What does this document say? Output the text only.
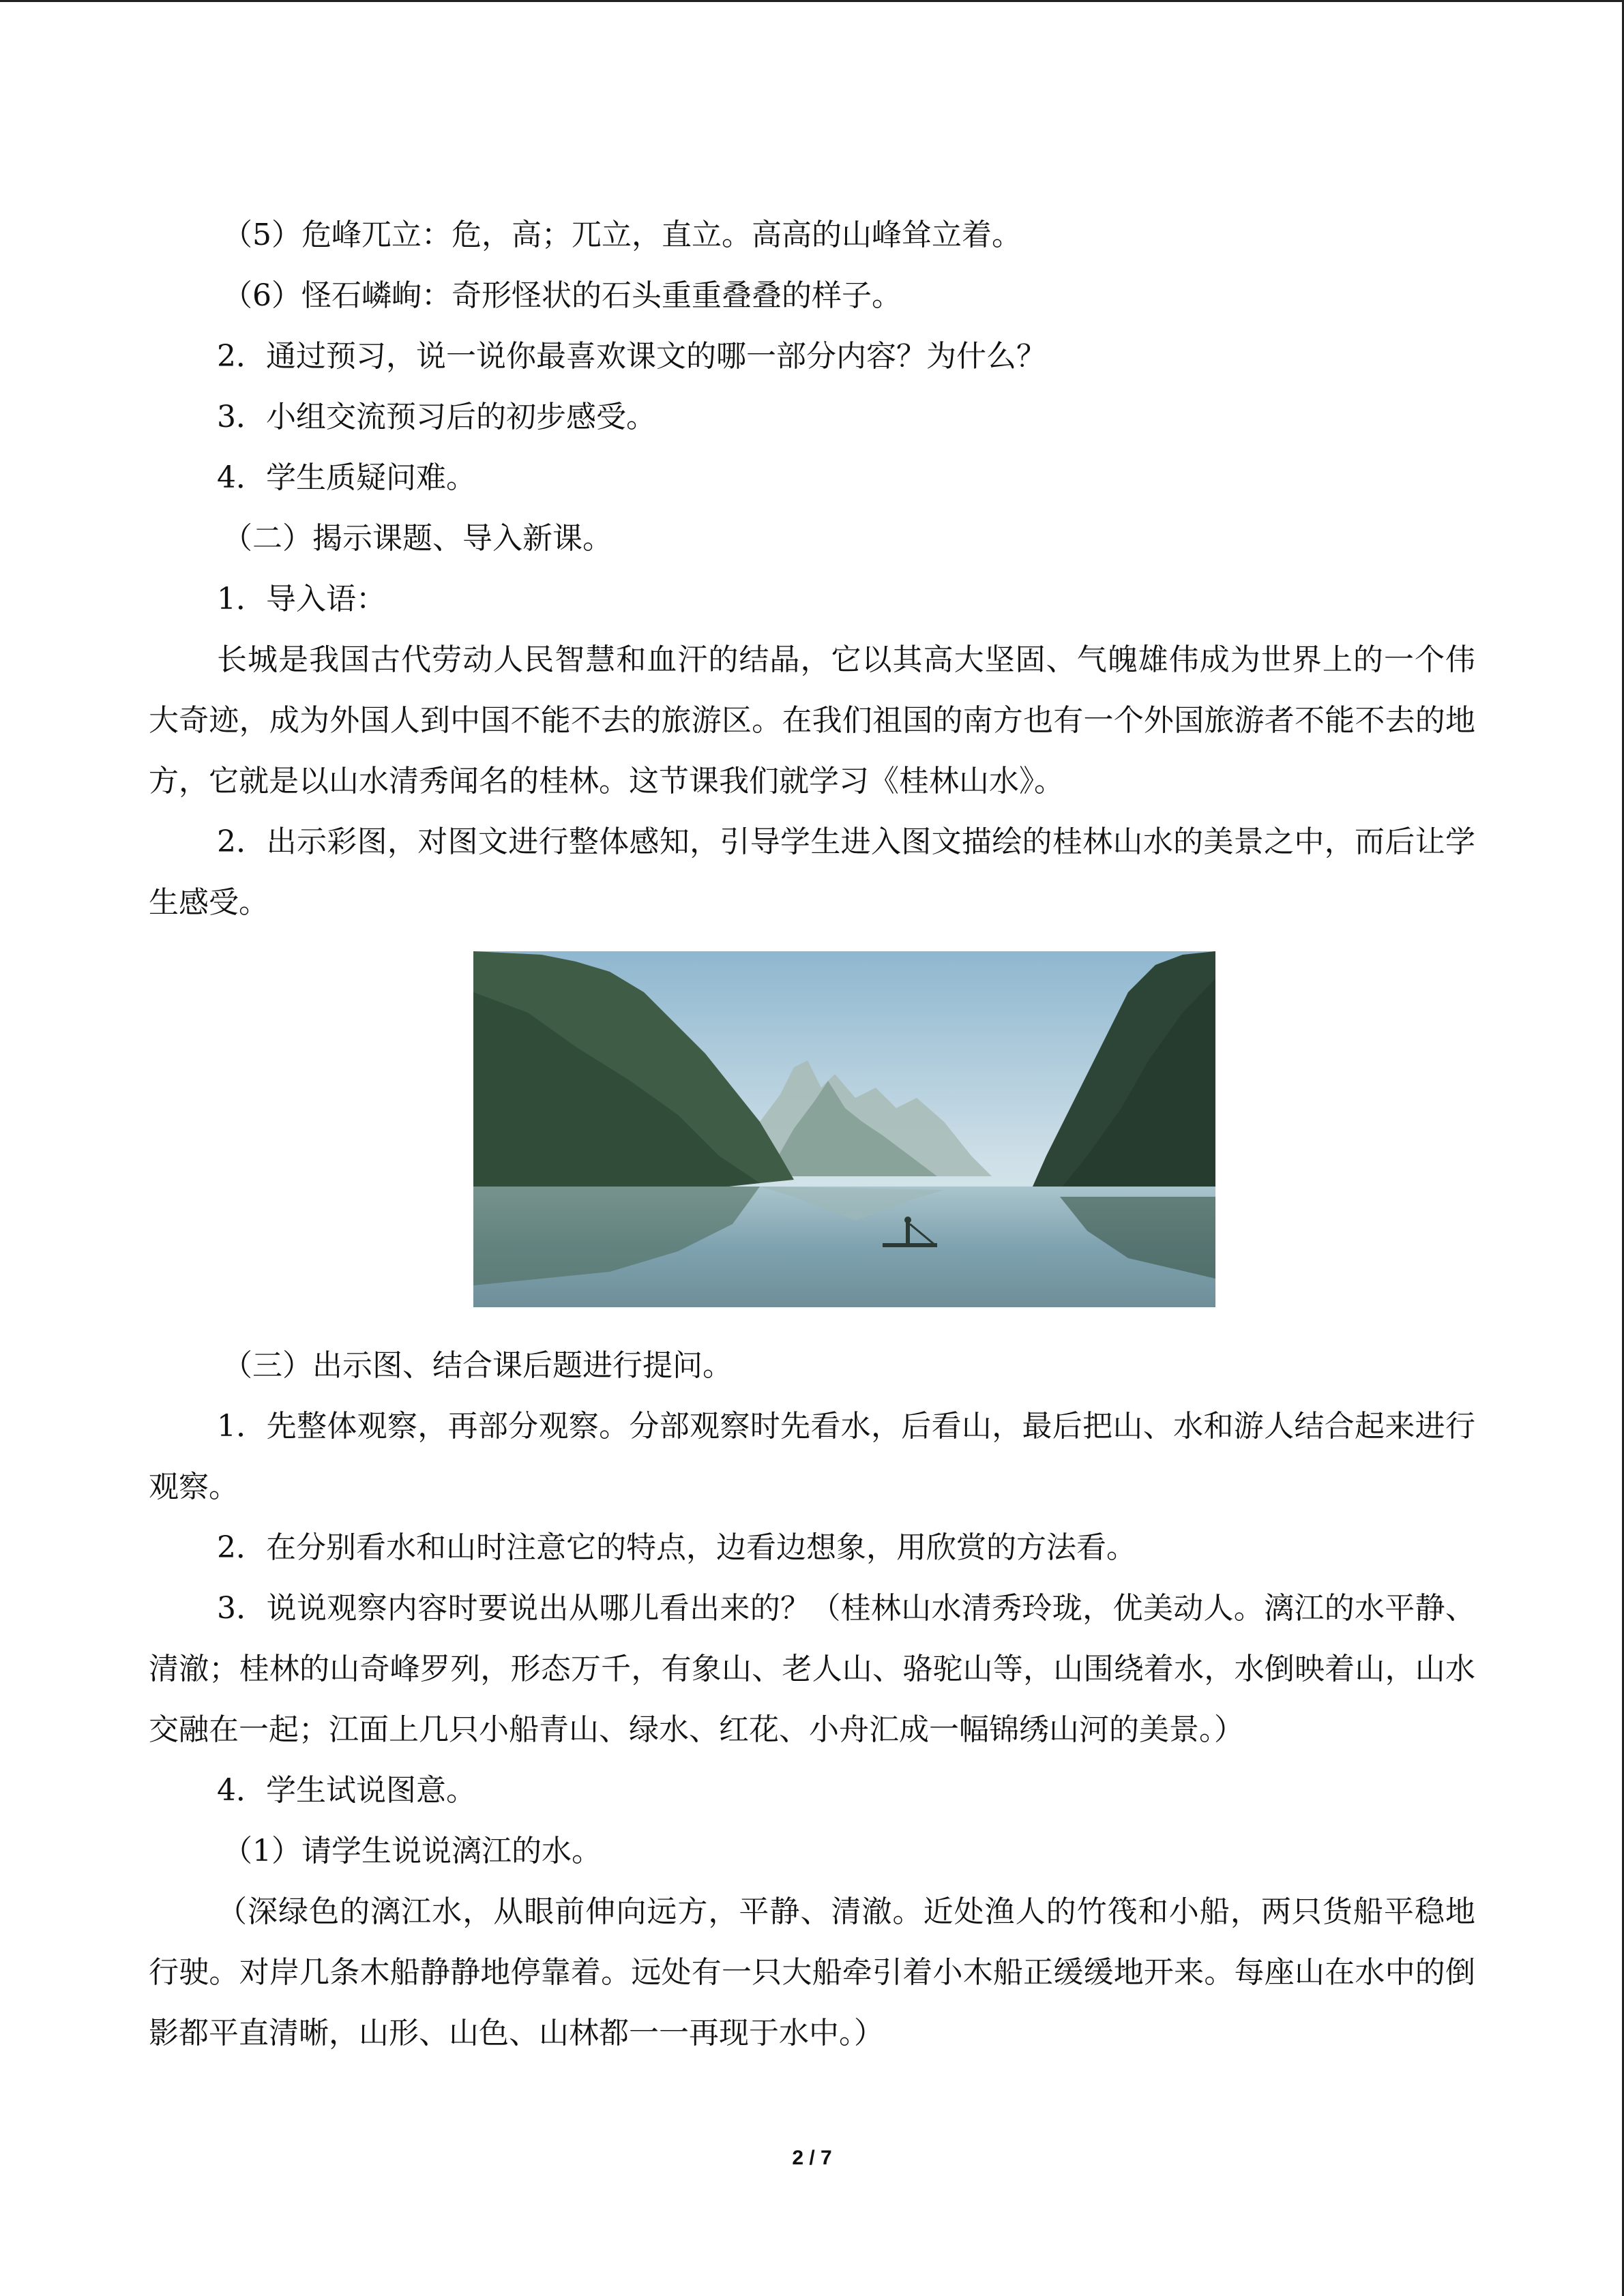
（5）危峰兀立：危，高；兀立，直立。高高的山峰耸立着。

（6）怪石嶙峋：奇形怪状的石头重重叠叠的样子。

2．通过预习，说一说你最喜欢课文的哪一部分内容？为什么？

3．小组交流预习后的初步感受。

4．学生质疑问难。

（二）揭示课题、导入新课。

1．导入语：

长城是我国古代劳动人民智慧和血汗的结晶，它以其高大坚固、气魄雄伟成为世界上的一个伟大奇迹，成为外国人到中国不能不去的旅游区。在我们祖国的南方也有一个外国旅游者不能不去的地方，它就是以山水清秀闻名的桂林。这节课我们就学习《桂林山水》。

2．出示彩图，对图文进行整体感知，引导学生进入图文描绘的桂林山水的美景之中，而后让学生感受。

（三）出示图、结合课后题进行提问。

1．先整体观察，再部分观察。分部观察时先看水，后看山，最后把山、水和游人结合起来进行观察。

2．在分别看水和山时注意它的特点，边看边想象，用欣赏的方法看。

3．说说观察内容时要说出从哪儿看出来的？（桂林山水清秀玲珑，优美动人。漓江的水平静、清澈；桂林的山奇峰罗列，形态万千，有象山、老人山、骆驼山等，山围绕着水，水倒映着山，山水交融在一起；江面上几只小船青山、绿水、红花、小舟汇成一幅锦绣山河的美景。）

4．学生试说图意。

（1）请学生说说漓江的水。

（深绿色的漓江水，从眼前伸向远方，平静、清澈。近处渔人的竹筏和小船，两只货船平稳地行驶。对岸几条木船静静地停靠着。远处有一只大船牵引着小木船正缓缓地开来。每座山在水中的倒影都平直清晰，山形、山色、山林都一一再现于水中。）

2 / 7
